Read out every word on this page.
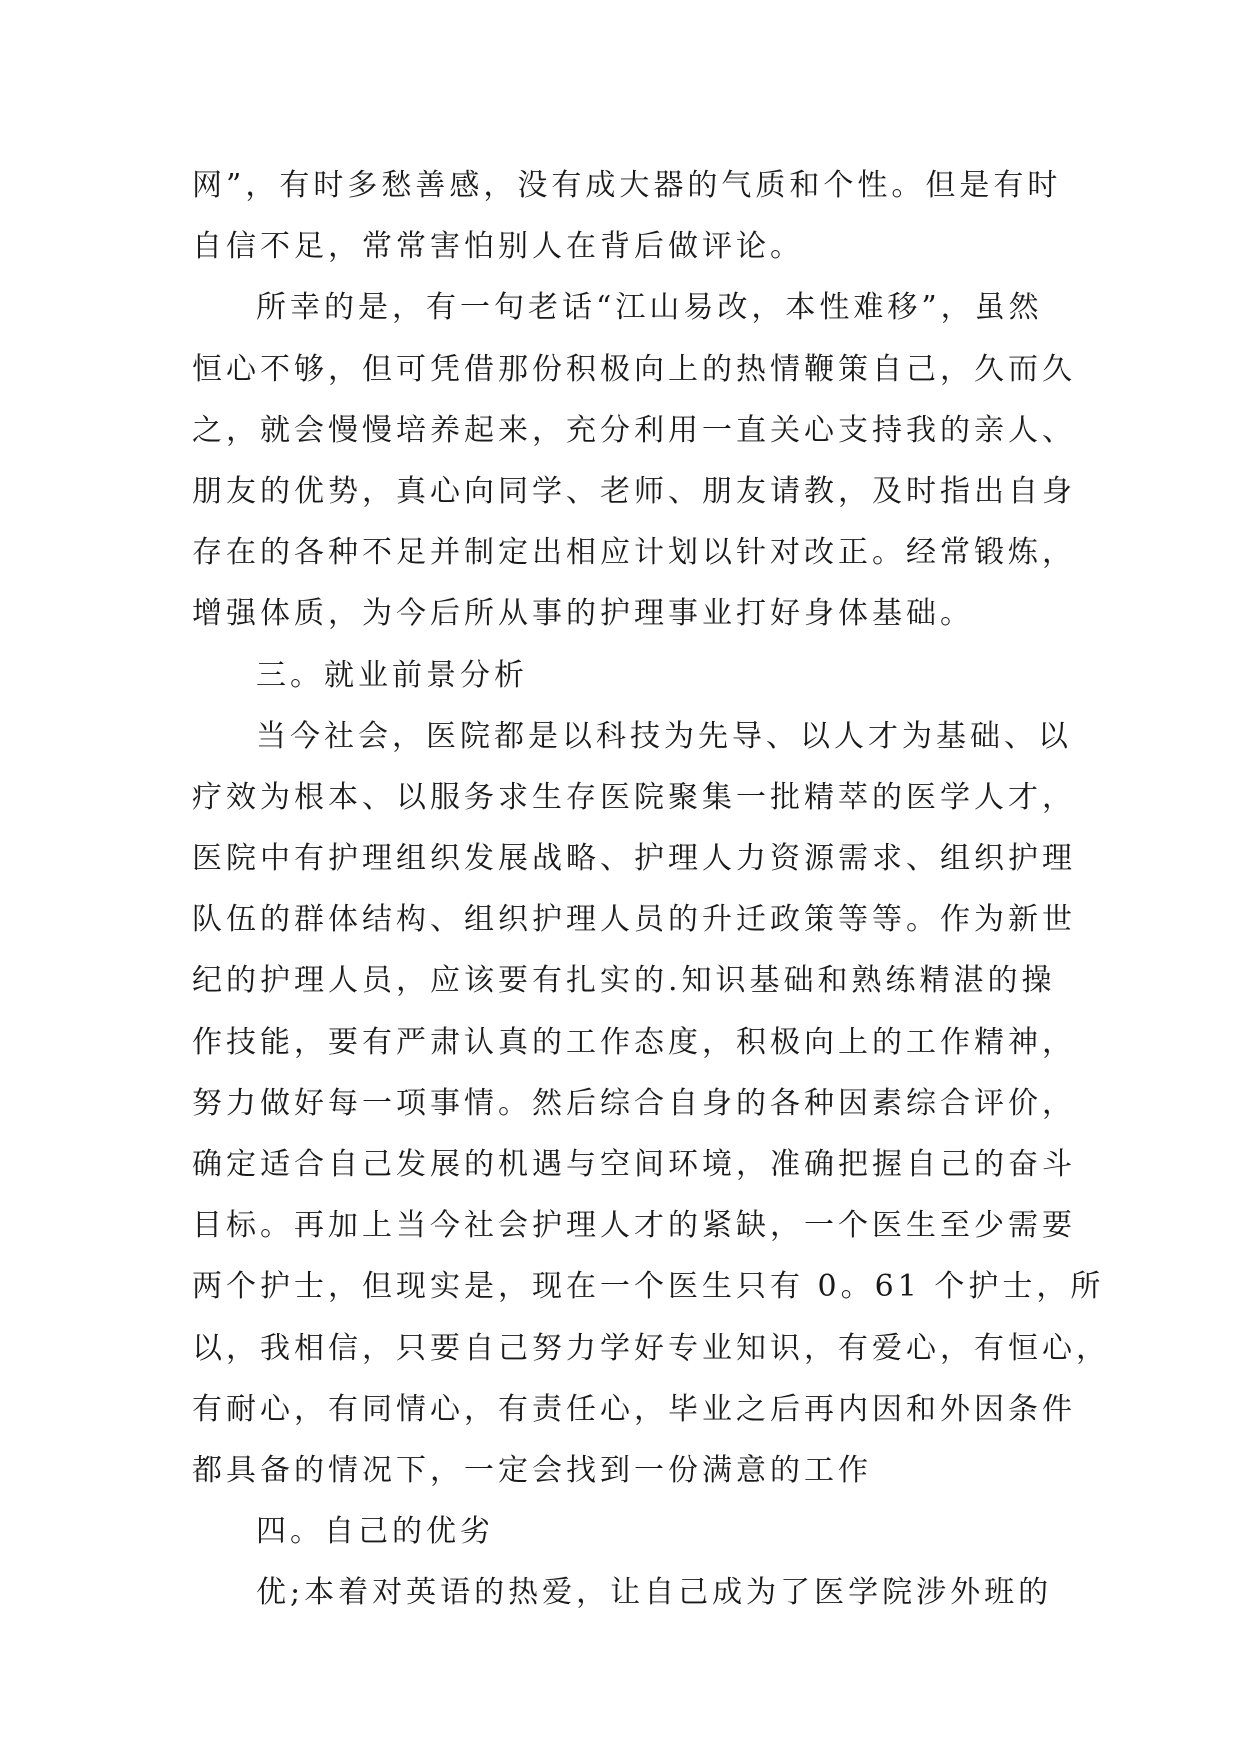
网”，有时多愁善感，没有成大器的气质和个性。但是有时
自信不足，常常害怕别人在背后做评论。
所幸的是，有一句老话“江山易改，本性难移”，虽然
恒心不够，但可凭借那份积极向上的热情鞭策自己，久而久
之，就会慢慢培养起来，充分利用一直关心支持我的亲人、
朋友的优势，真心向同学、老师、朋友请教，及时指出自身
存在的各种不足并制定出相应计划以针对改正。经常锻炼，
增强体质，为今后所从事的护理事业打好身体基础。
三。就业前景分析
当今社会，医院都是以科技为先导、以人才为基础、以
疗效为根本、以服务求生存医院聚集一批精萃的医学人才，
医院中有护理组织发展战略、护理人力资源需求、组织护理
队伍的群体结构、组织护理人员的升迁政策等等。作为新世
纪的护理人员，应该要有扎实的.知识基础和熟练精湛的操
作技能，要有严肃认真的工作态度，积极向上的工作精神，
努力做好每一项事情。然后综合自身的各种因素综合评价，
确定适合自己发展的机遇与空间环境，准确把握自己的奋斗
目标。再加上当今社会护理人才的紧缺，一个医生至少需要
两个护士，但现实是，现在一个医生只有 0。61 个护士，所
以，我相信，只要自己努力学好专业知识，有爱心，有恒心，
有耐心，有同情心，有责任心，毕业之后再内因和外因条件
都具备的情况下，一定会找到一份满意的工作
四。自己的优劣
优;本着对英语的热爱，让自己成为了医学院涉外班的
